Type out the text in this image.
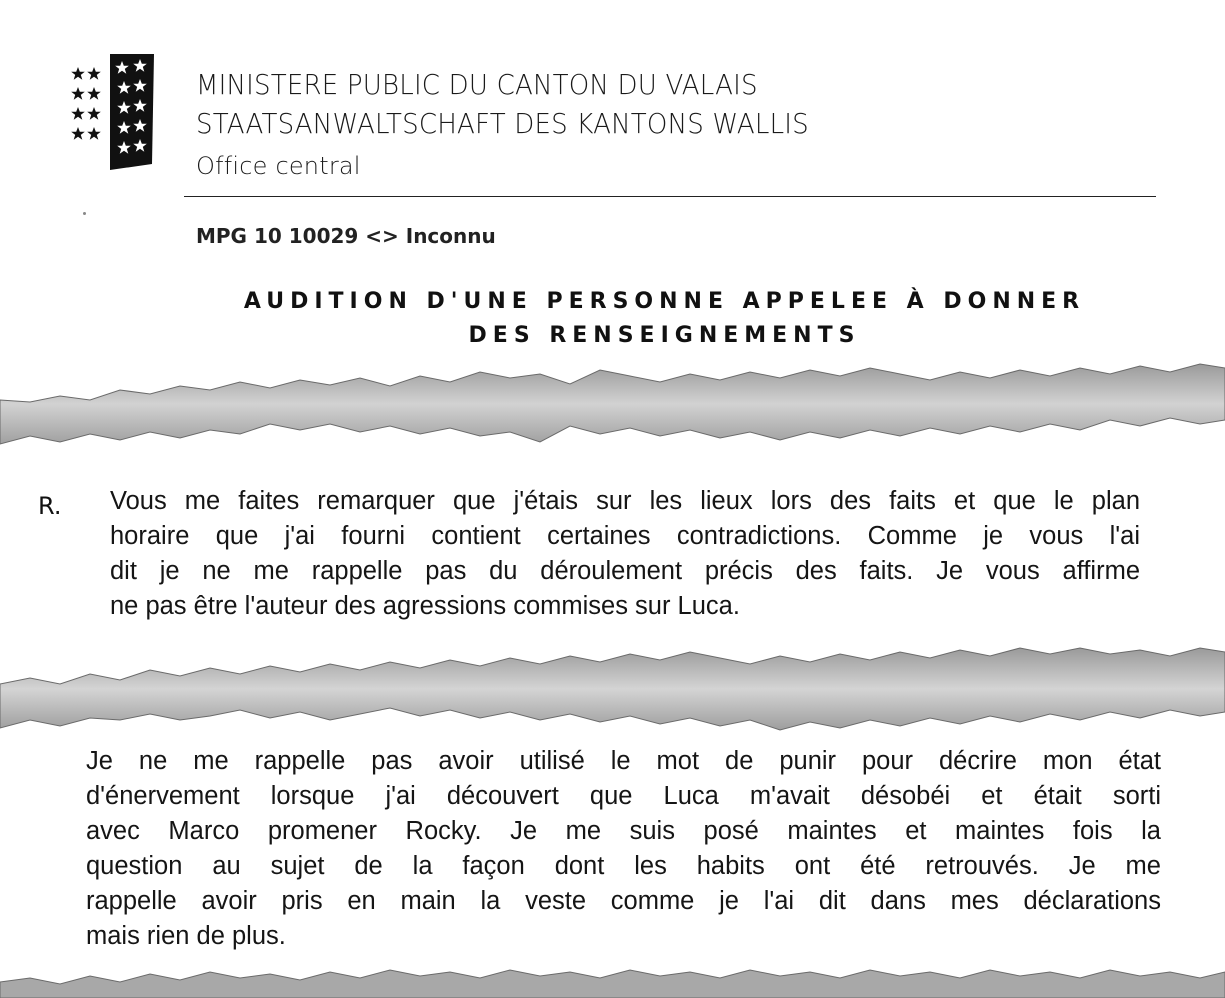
MINISTERE PUBLIC DU CANTON DU VALAIS
STAATSANWALTSCHAFT DES KANTONS WALLIS
Office central
MPG 10 10029 <> Inconnu
AUDITION D'UNE PERSONNE APPELEE À DONNER
DES RENSEIGNEMENTS
R. Vous me faites remarquer que j'étais sur les lieux lors des faits et que le plan
horaire que j'ai fourni contient certaines contradictions. Comme je vous l'ai
dit je ne me rappelle pas du déroulement précis des faits. Je vous affirme
ne pas être l'auteur des agressions commises sur Luca.
Je ne me rappelle pas avoir utilisé le mot de punir pour décrire mon état
d'énervement lorsque j'ai découvert que Luca m'avait désobéi et était sorti
avec Marco promener Rocky. Je me suis posé maintes et maintes fois la
question au sujet de la façon dont les habits ont été retrouvés. Je me
rappelle avoir pris en main la veste comme je l'ai dit dans mes déclarations
mais rien de plus.
